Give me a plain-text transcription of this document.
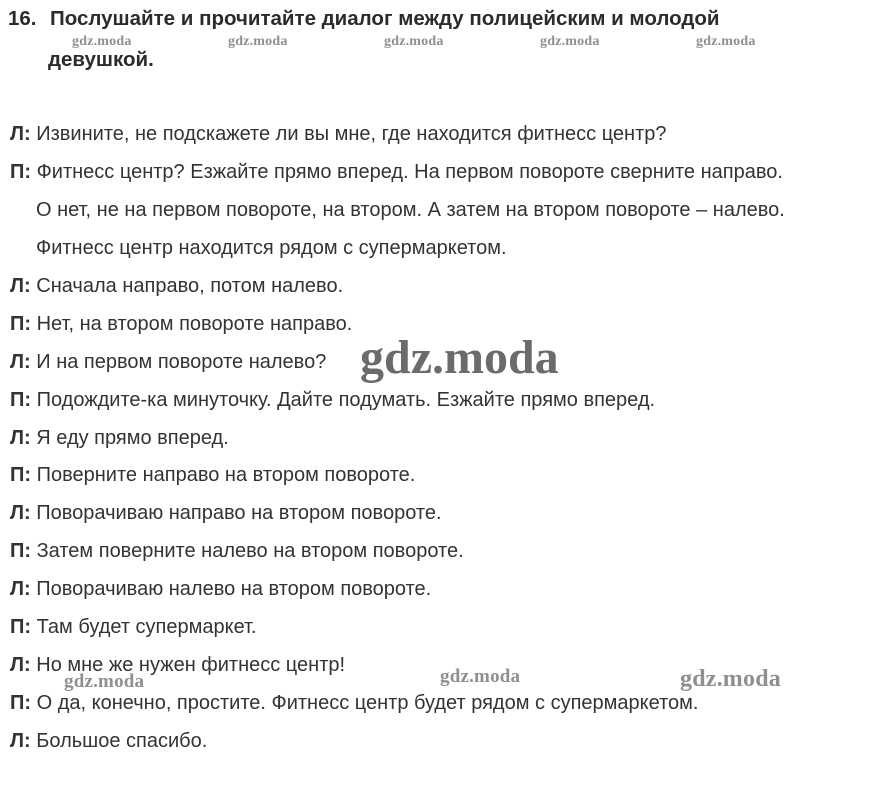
16. Послушайте и прочитайте диалог между полицейским и молодой
девушкой.
Л: Извините, не подскажете ли вы мне, где находится фитнесс центр?
П: Фитнесс центр? Езжайте прямо вперед. На первом повороте сверните направо.
О нет, не на первом повороте, на втором. А затем на втором повороте – налево.
Фитнесс центр находится рядом с супермаркетом.
Л: Сначала направо, потом налево.
П: Нет, на втором повороте направо.
Л: И на первом повороте налево?
П: Подождите-ка минуточку. Дайте подумать. Езжайте прямо вперед.
Л: Я еду прямо вперед.
П: Поверните направо на втором повороте.
Л: Поворачиваю направо на втором повороте.
П: Затем поверните налево на втором повороте.
Л: Поворачиваю налево на втором повороте.
П: Там будет супермаркет.
Л: Но мне же нужен фитнесс центр!
П: О да, конечно, простите. Фитнесс центр будет рядом с супермаркетом.
Л: Большое спасибо.
gdz.moda	gdz.moda	gdz.moda	gdz.moda	gdz.moda
gdz.moda
gdz.moda	gdz.moda	gdz.moda
